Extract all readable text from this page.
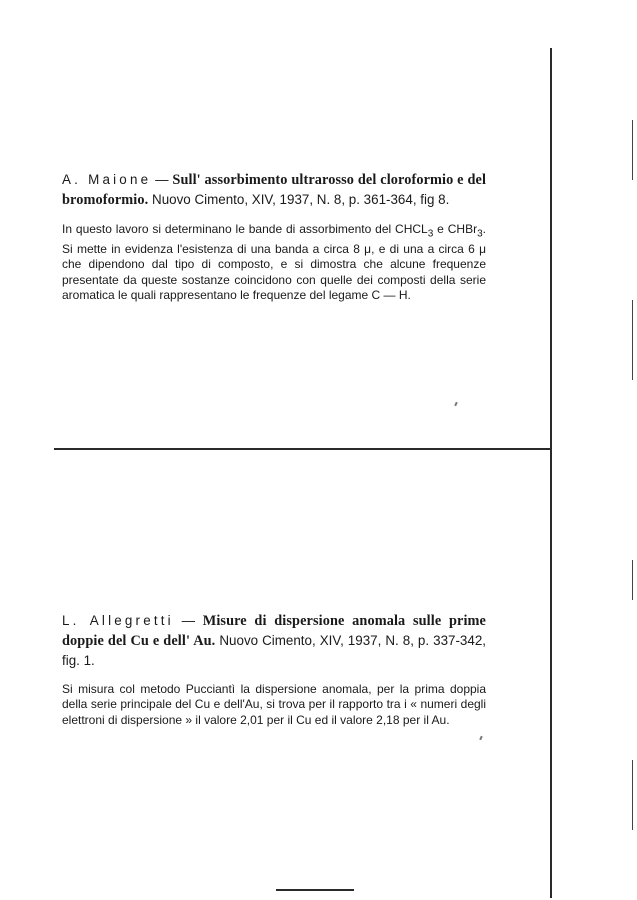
A. Maione — Sull' assorbimento ultrarosso del cloroformio e del bromoformio. Nuovo Cimento, XIV, 1937, N. 8, p. 361-364, fig 8.

In questo lavoro si determinano le bande di assorbimento del $CHCL_3$ e CHBr$_3$. Si mette in evidenza l'esistenza di una banda a circa 8 μ, e di una a circa 6 μ che dipendono dal tipo di composto, e si dimostra che alcune frequenze presentate da queste sostanze coincidono con quelle dei composti della serie aromatica le quali rappresentano le frequenze del legame C — H.

L. Allegretti — Misure di dispersione anomala sulle prime doppie del Cu e dell' Au. Nuovo Cimento, XIV, 1937, N. 8, p. 337-342, fig. 1.

Si misura col metodo Pucciantì la dispersione anomala, per la prima doppia della serie principale del Cu e dell'Au, si trova per il rapporto tra i « numeri degli elettroni di dispersione » il valore 2,01 per il Cu ed il valore 2,18 per il Au.
